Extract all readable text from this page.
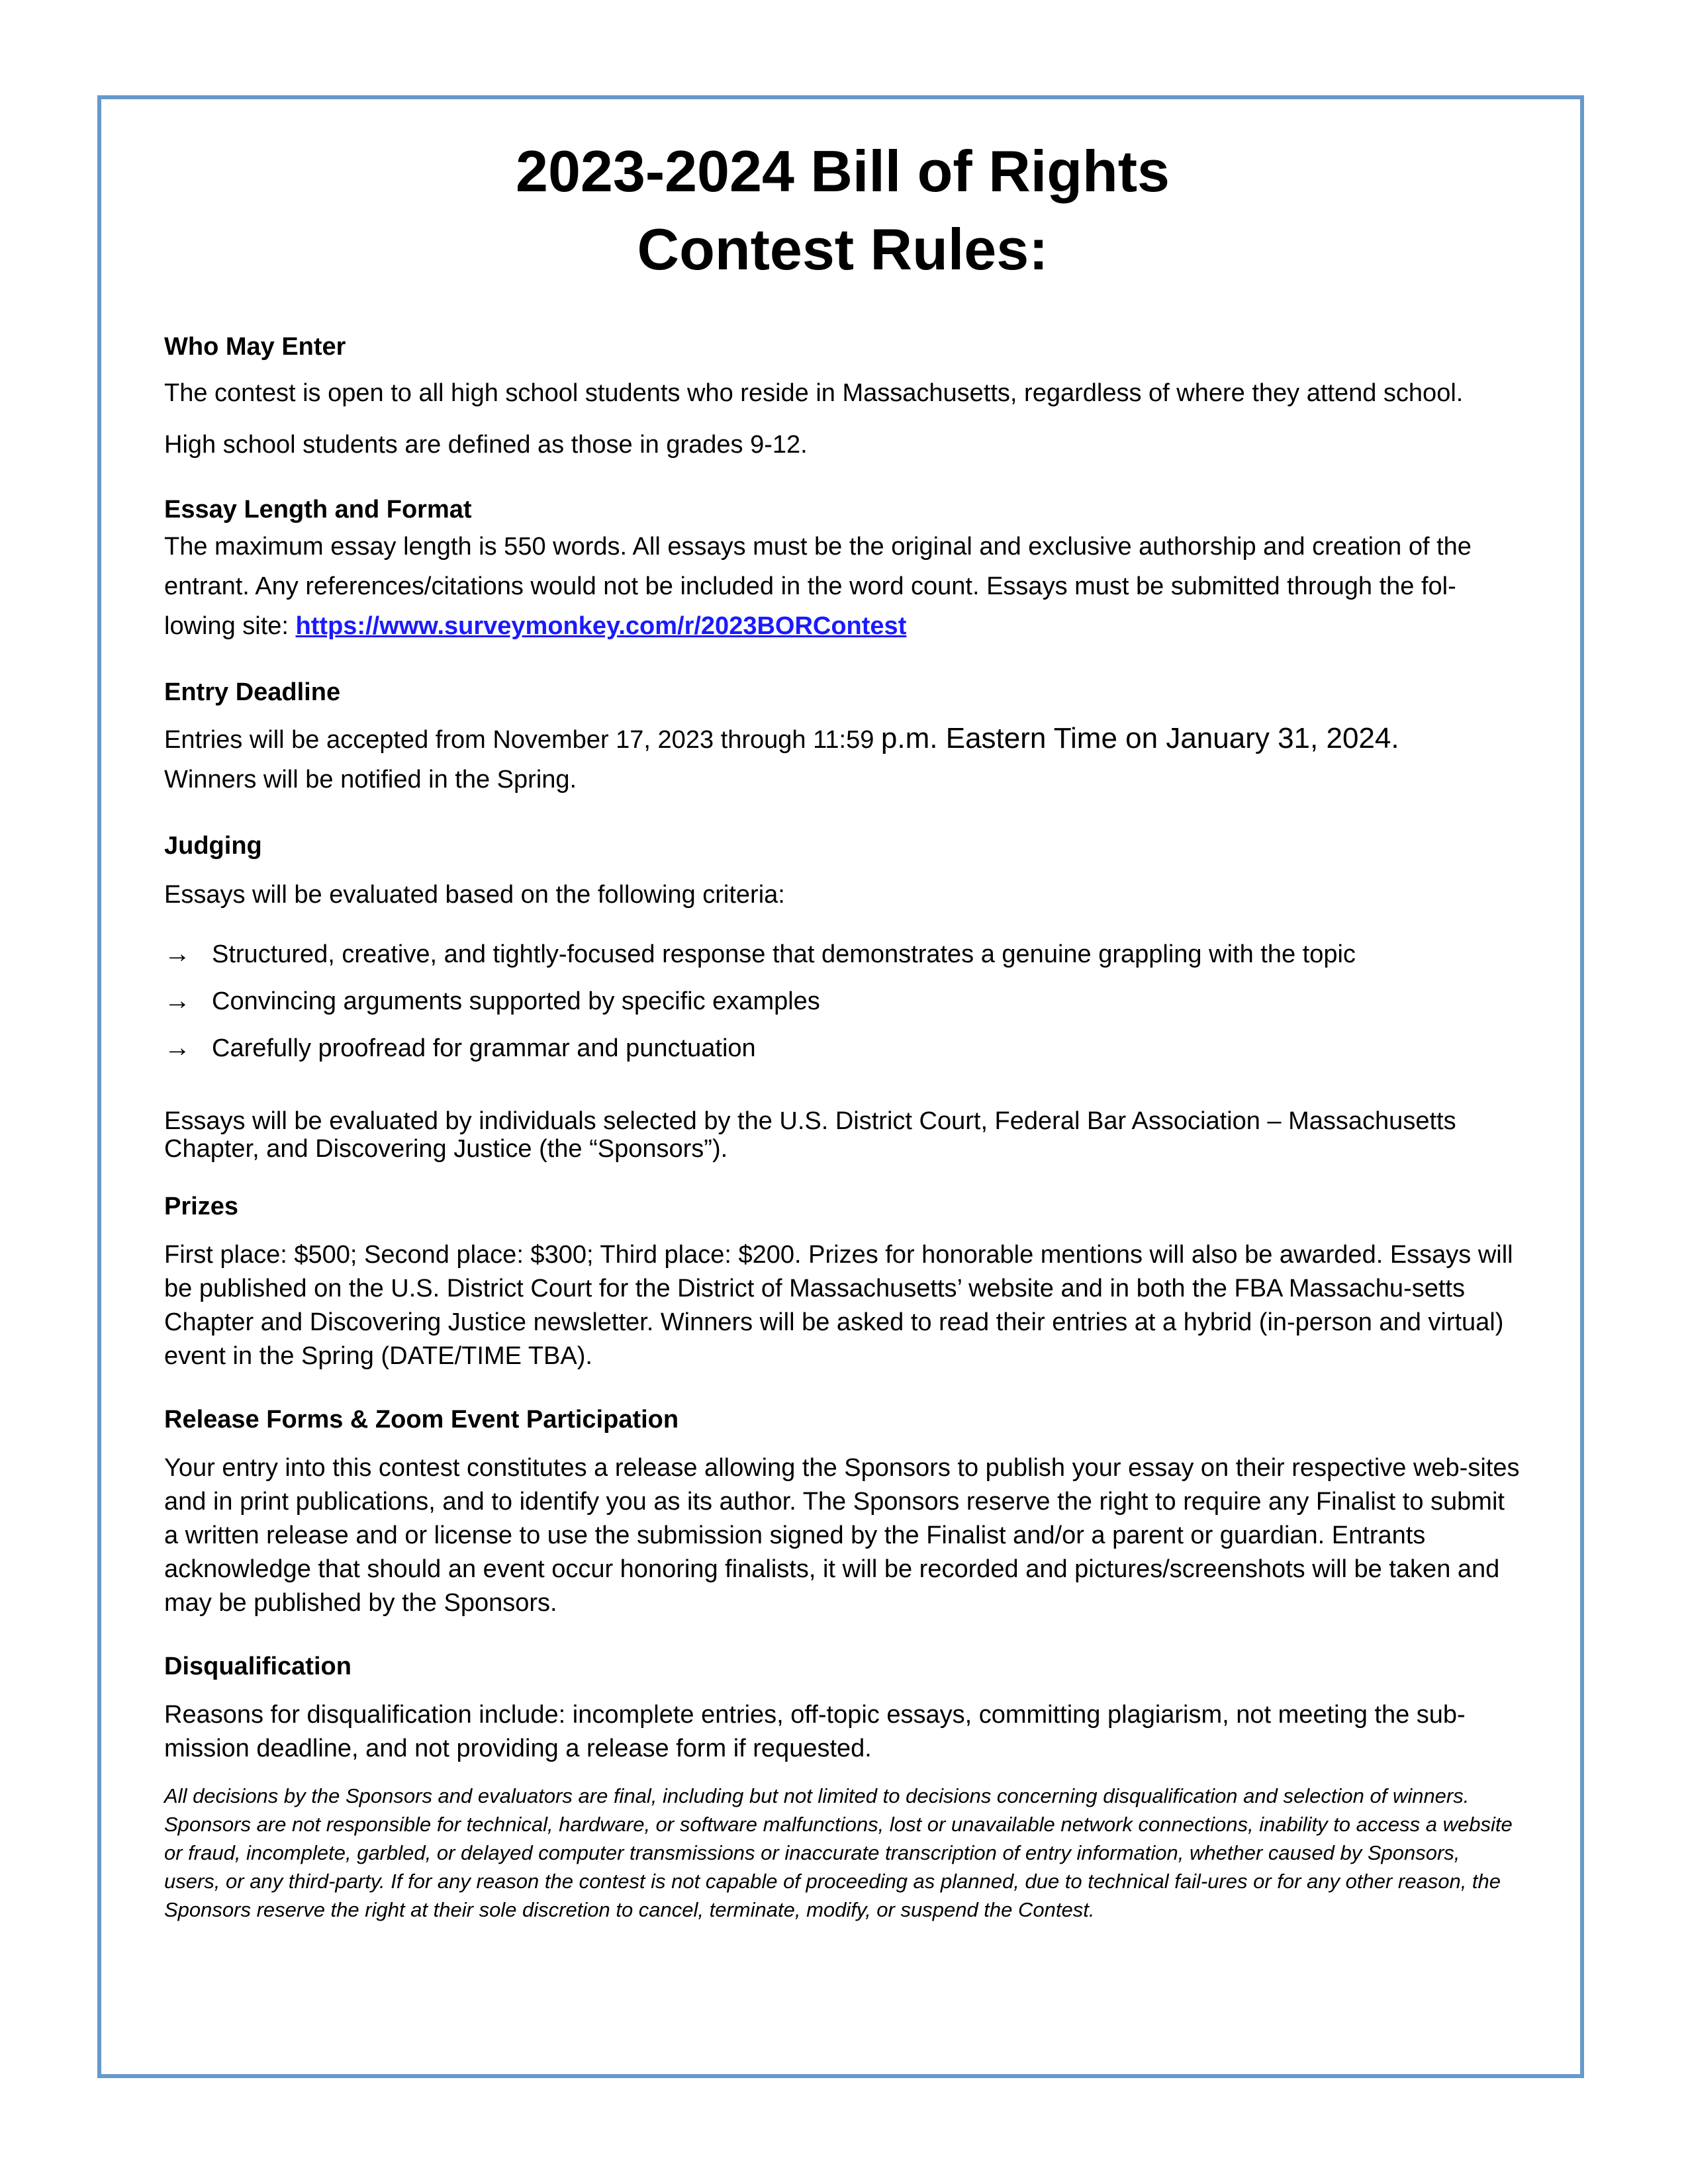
2023-2024 Bill of Rights
Contest Rules:
Who May Enter

The contest is open to all high school students who reside in Massachusetts, regardless of where they attend school.

High school students are defined as those in grades 9-12.

Essay Length and Format

The maximum essay length is 550 words. All essays must be the original and exclusive authorship and creation of the entrant. Any references/citations would not be included in the word count. Essays must be submitted through the fol-lowing site: https://www.surveymonkey.com/r/2023BORContest

Entry Deadline

Entries will be accepted from November 17, 2023 through 11:59 p.m. Eastern Time on January 31, 2024.

Winners will be notified in the Spring.

Judging

Essays will be evaluated based on the following criteria:

→ Structured, creative, and tightly-focused response that demonstrates a genuine grappling with the topic
→ Convincing arguments supported by specific examples
→ Carefully proofread for grammar and punctuation

Essays will be evaluated by individuals selected by the U.S. District Court, Federal Bar Association – Massachusetts Chapter, and Discovering Justice (the “Sponsors”).

Prizes

First place: $500; Second place: $300; Third place: $200. Prizes for honorable mentions will also be awarded. Essays will be published on the U.S. District Court for the District of Massachusetts’ website and in both the FBA Massachu-setts Chapter and Discovering Justice newsletter. Winners will be asked to read their entries at a hybrid (in-person and virtual) event in the Spring (DATE/TIME TBA).

Release Forms & Zoom Event Participation

Your entry into this contest constitutes a release allowing the Sponsors to publish your essay on their respective web-sites and in print publications, and to identify you as its author. The Sponsors reserve the right to require any Finalist to submit a written release and or license to use the submission signed by the Finalist and/or a parent or guardian. Entrants acknowledge that should an event occur honoring finalists, it will be recorded and pictures/screenshots will be taken and may be published by the Sponsors.

Disqualification

Reasons for disqualification include: incomplete entries, off-topic essays, committing plagiarism, not meeting the sub-mission deadline, and not providing a release form if requested.

All decisions by the Sponsors and evaluators are final, including but not limited to decisions concerning disqualification and selection of winners. Sponsors are not responsible for technical, hardware, or software malfunctions, lost or unavailable network connections, inability to access a website or fraud, incomplete, garbled, or delayed computer transmissions or inaccurate transcription of entry information, whether caused by Sponsors, users, or any third-party. If for any reason the contest is not capable of proceeding as planned, due to technical fail-ures or for any other reason, the Sponsors reserve the right at their sole discretion to cancel, terminate, modify, or suspend the Contest.
